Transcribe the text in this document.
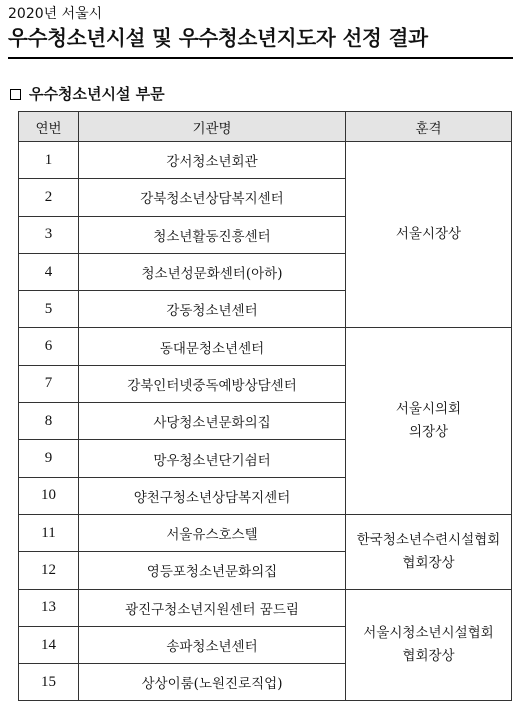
2020년 서울시
우수청소년시설 및 우수청소년지도자 선정 결과
우수청소년시설 부문
연번	기관명	훈격
1	강서청소년회관	서울시장상

2	강북청소년상담복지센터	
3	청소년활동진흥센터	
4	청소년성문화센터(아하)	
5	강동청소년센터	
6	동대문청소년센터	서울시의회
의장상

7	강북인터넷중독예방상담센터	
8	사당청소년문화의집	
9	망우청소년단기쉼터	
10	양천구청소년상담복지센터	
11	서울유스호스텔	한국청소년수련시설협회
협회장상

12	영등포청소년문화의집	
13	광진구청소년지원센터 꿈드림	서울시청소년시설협회
협회장상

14	송파청소년센터	
15	상상이룸(노원진로직업)	
